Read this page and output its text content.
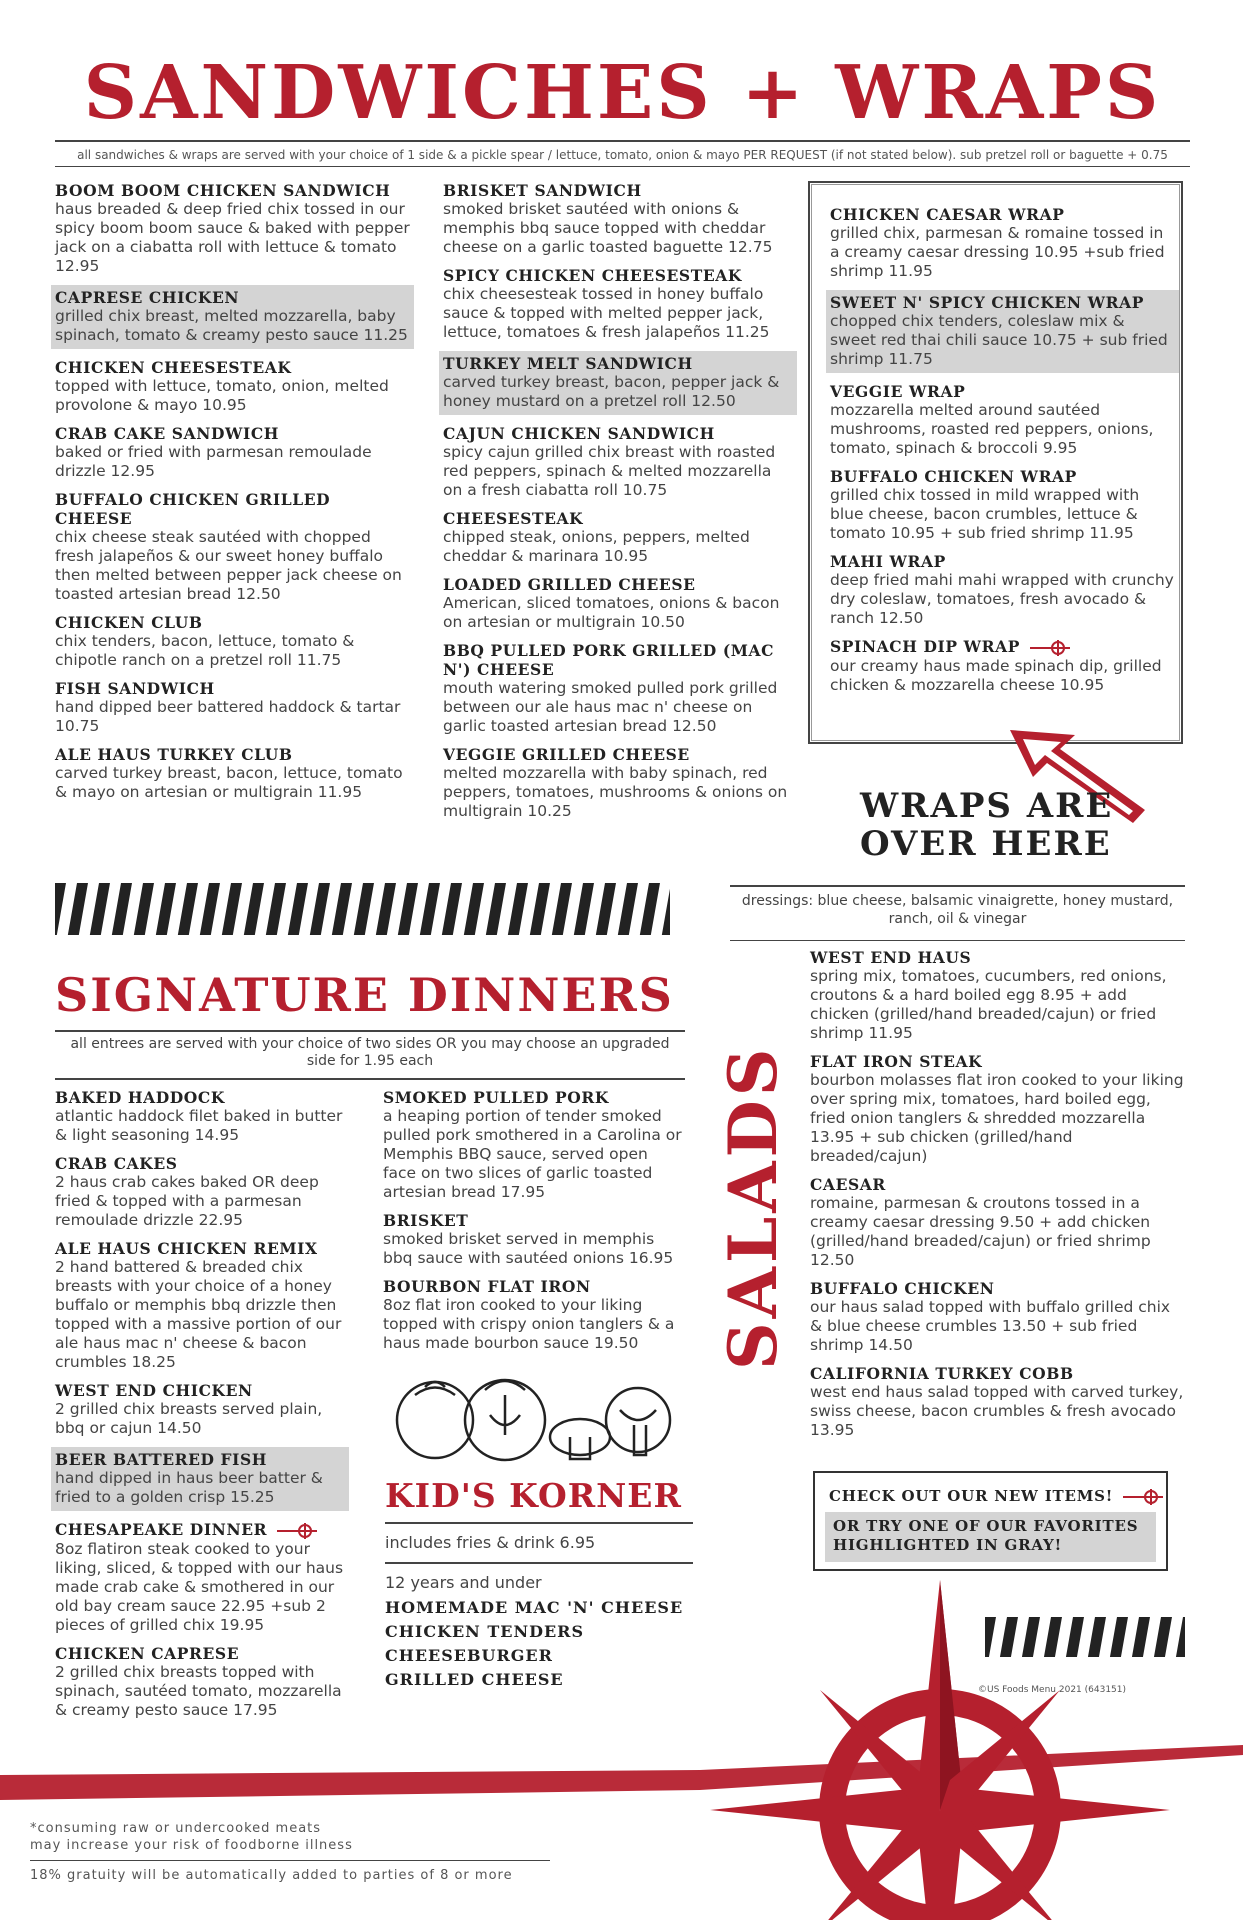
SANDWICHES + WRAPS
all sandwiches & wraps are served with your choice of 1 side & a pickle spear / lettuce, tomato, onion & mayo PER REQUEST (if not stated below). sub pretzel roll or baguette + 0.75
BOOM BOOM CHICKEN SANDWICH
haus breaded & deep fried chix tossed in our spicy boom boom sauce & baked with pepper jack on a ciabatta roll with lettuce & tomato 12.95
CAPRESE CHICKEN
grilled chix breast, melted mozzarella, baby spinach, tomato & creamy pesto sauce 11.25
CHICKEN CHEESESTEAK
topped with lettuce, tomato, onion, melted provolone & mayo 10.95
CRAB CAKE SANDWICH
baked or fried with parmesan remoulade drizzle 12.95
BUFFALO CHICKEN GRILLED CHEESE
chix cheese steak sautéed with chopped fresh jalapeños & our sweet honey buffalo then melted between pepper jack cheese on toasted artesian bread 12.50
CHICKEN CLUB
chix tenders, bacon, lettuce, tomato & chipotle ranch on a pretzel roll 11.75
FISH SANDWICH
hand dipped beer battered haddock & tartar 10.75
ALE HAUS TURKEY CLUB
carved turkey breast, bacon, lettuce, tomato & mayo on artesian or multigrain 11.95
BRISKET SANDWICH
smoked brisket sautéed with onions & memphis bbq sauce topped with cheddar cheese on a garlic toasted baguette 12.75
SPICY CHICKEN CHEESESTEAK
chix cheesesteak tossed in honey buffalo sauce & topped with melted pepper jack, lettuce, tomatoes & fresh jalapeños 11.25
TURKEY MELT SANDWICH
carved turkey breast, bacon, pepper jack & honey mustard on a pretzel roll 12.50
CAJUN CHICKEN SANDWICH
spicy cajun grilled chix breast with roasted red peppers, spinach & melted mozzarella on a fresh ciabatta roll 10.75
CHEESESTEAK
chipped steak, onions, peppers, melted cheddar & marinara 10.95
LOADED GRILLED CHEESE
American, sliced tomatoes, onions & bacon on artesian or multigrain 10.50
BBQ PULLED PORK GRILLED (MAC N') CHEESE
mouth watering smoked pulled pork grilled between our ale haus mac n' cheese on garlic toasted artesian bread 12.50
VEGGIE GRILLED CHEESE
melted mozzarella with baby spinach, red peppers, tomatoes, mushrooms & onions on multigrain 10.25
CHICKEN CAESAR WRAP
grilled chix, parmesan & romaine tossed in a creamy caesar dressing 10.95 +sub fried shrimp 11.95
SWEET N' SPICY CHICKEN WRAP
chopped chix tenders, coleslaw mix & sweet red thai chili sauce 10.75 + sub fried shrimp 11.75
VEGGIE WRAP
mozzarella melted around sautéed mushrooms, roasted red peppers, onions, tomato, spinach & broccoli 9.95
BUFFALO CHICKEN WRAP
grilled chix tossed in mild wrapped with blue cheese, bacon crumbles, lettuce & tomato 10.95 + sub fried shrimp 11.95
MAHI WRAP
deep fried mahi mahi wrapped with crunchy dry coleslaw, tomatoes, fresh avocado & ranch 12.50
SPINACH DIP WRAP
our creamy haus made spinach dip, grilled chicken & mozzarella cheese 10.95
WRAPS ARE
OVER HERE
SIGNATURE DINNERS
all entrees are served with your choice of two sides OR you may choose an upgraded side for 1.95 each
BAKED HADDOCK
atlantic haddock filet baked in butter & light seasoning 14.95
CRAB CAKES
2 haus crab cakes baked OR deep fried & topped with a parmesan remoulade drizzle 22.95
ALE HAUS CHICKEN REMIX
2 hand battered & breaded chix breasts with your choice of a honey buffalo or memphis bbq drizzle then topped with a massive portion of our ale haus mac n' cheese & bacon crumbles 18.25
WEST END CHICKEN
2 grilled chix breasts served plain, bbq or cajun 14.50
BEER BATTERED FISH
hand dipped in haus beer batter & fried to a golden crisp 15.25
CHESAPEAKE DINNER
8oz flatiron steak cooked to your liking, sliced, & topped with our haus made crab cake & smothered in our old bay cream sauce 22.95 +sub 2 pieces of grilled chix 19.95
CHICKEN CAPRESE
2 grilled chix breasts topped with spinach, sautéed tomato, mozzarella & creamy pesto sauce 17.95
SMOKED PULLED PORK
a heaping portion of tender smoked pulled pork smothered in a Carolina or Memphis BBQ sauce, served open face on two slices of garlic toasted artesian bread 17.95
BRISKET
smoked brisket served in memphis bbq sauce with sautéed onions 16.95
BOURBON FLAT IRON
8oz flat iron cooked to your liking topped with crispy onion tanglers & a haus made bourbon sauce 19.50
KID'S KORNER
includes fries & drink 6.95
12 years and under
HOMEMADE MAC 'N' CHEESE
CHICKEN TENDERS
CHEESEBURGER
GRILLED CHEESE
dressings: blue cheese, balsamic vinaigrette, honey mustard, ranch, oil & vinegar
SALADS
WEST END HAUS
spring mix, tomatoes, cucumbers, red onions, croutons & a hard boiled egg 8.95 + add chicken (grilled/hand breaded/cajun) or fried shrimp 11.95
FLAT IRON STEAK
bourbon molasses flat iron cooked to your liking over spring mix, tomatoes, hard boiled egg, fried onion tanglers & shredded mozzarella 13.95 + sub chicken (grilled/hand breaded/cajun)
CAESAR
romaine, parmesan & croutons tossed in a creamy caesar dressing 9.50 + add chicken (grilled/hand breaded/cajun) or fried shrimp 12.50
BUFFALO CHICKEN
our haus salad topped with buffalo grilled chix & blue cheese crumbles 13.50 + sub fried shrimp 14.50
CALIFORNIA TURKEY COBB
west end haus salad topped with carved turkey, swiss cheese, bacon crumbles & fresh avocado 13.95
CHECK OUT OUR NEW ITEMS!
OR TRY ONE OF OUR FAVORITES
HIGHLIGHTED IN GRAY!
©US Foods Menu 2021 (643151)
*consuming raw or undercooked meats
may increase your risk of foodborne illness
18% gratuity will be automatically added to parties of 8 or more
